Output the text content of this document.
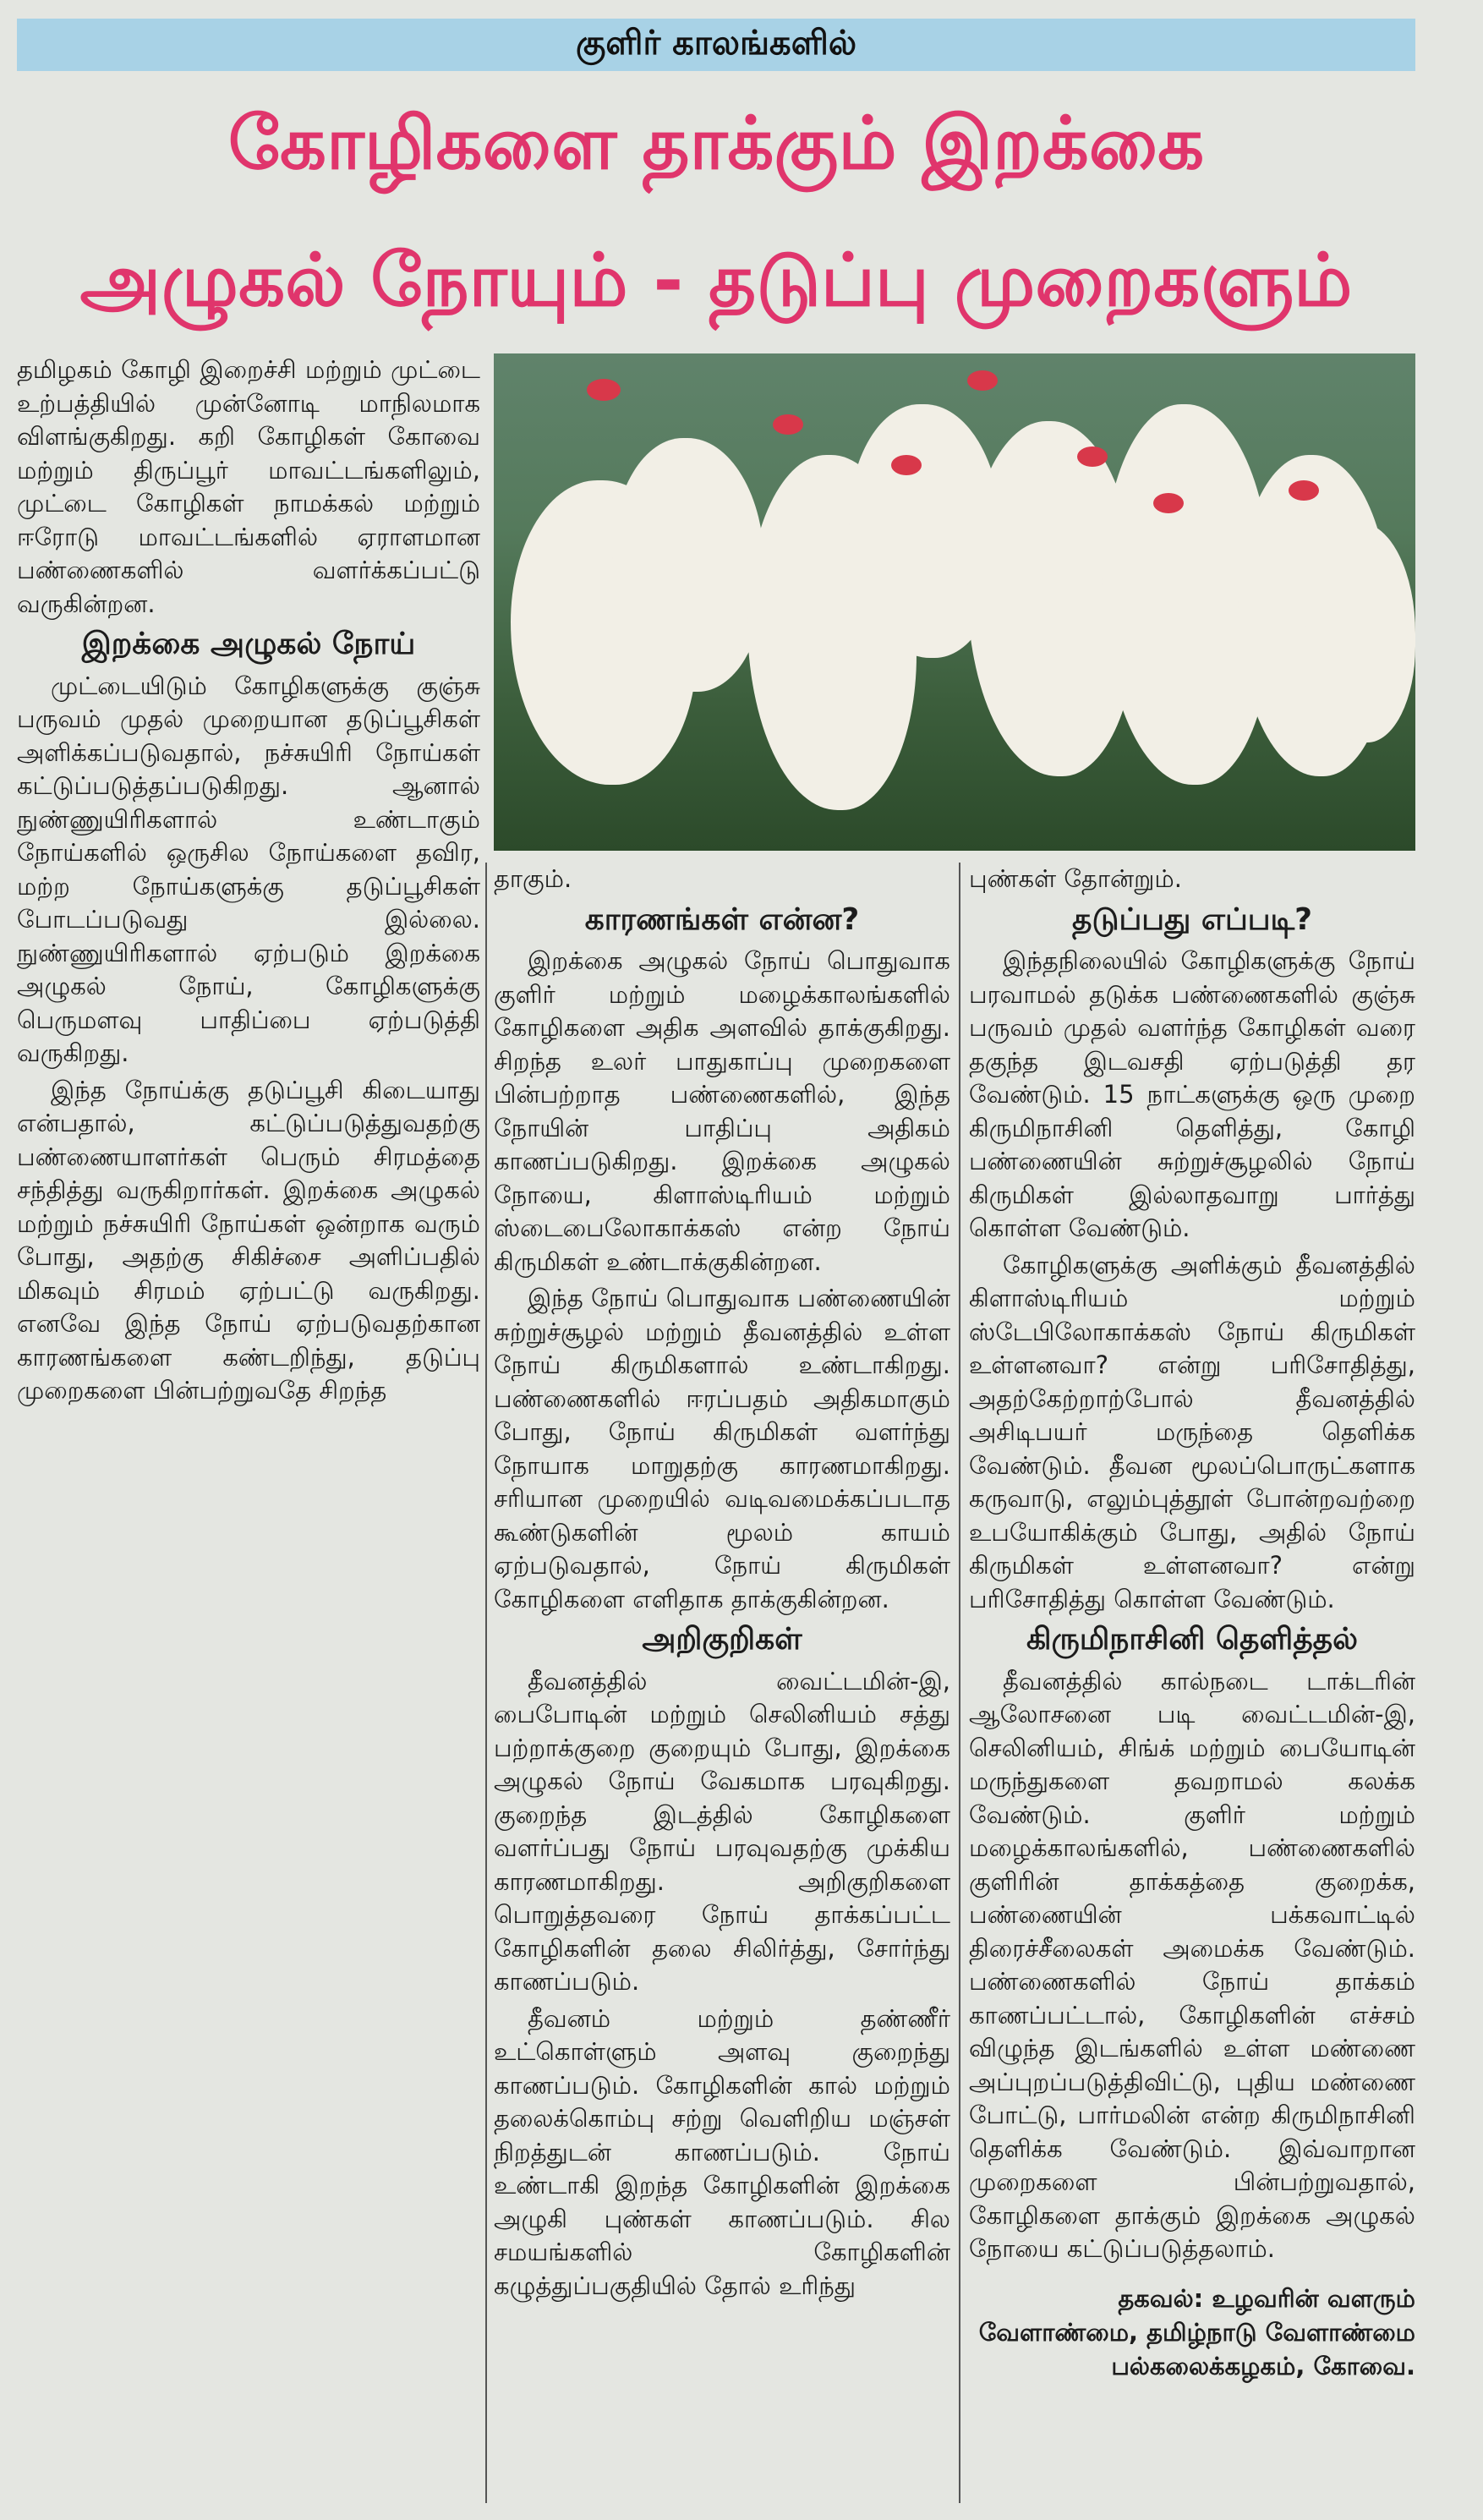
குளிர் காலங்களில்
கோழிகளை தாக்கும் இறக்கை
அழுகல் நோயும் - தடுப்பு முறைகளும்

தமிழகம் கோழி இறைச்சி மற்றும் முட்டை உற்பத்தியில் முன்னோடி மாநிலமாக விளங்குகிறது. கறி கோழிகள் கோவை மற்றும் திருப்பூர் மாவட்டங்களிலும், முட்டை கோழிகள் நாமக்கல் மற்றும் ஈரோடு மாவட்டங்களில் ஏராளமான பண்ணைகளில் வளர்க்கப்பட்டு வருகின்றன.

இறக்கை அழுகல் நோய்

முட்டையிடும் கோழிகளுக்கு குஞ்சு பருவம் முதல் முறையான தடுப்பூசிகள் அளிக்கப்படுவதால், நச்சுயிரி நோய்கள் கட்டுப்படுத்தப்படுகிறது. ஆனால் நுண்ணுயிரிகளால் உண்டாகும் நோய்களில் ஒருசில நோய்களை தவிர, மற்ற நோய்களுக்கு தடுப்பூசிகள் போடப்படுவது இல்லை. நுண்ணுயிரிகளால் ஏற்படும் இறக்கை அழுகல் நோய், கோழிகளுக்கு பெருமளவு பாதிப்பை ஏற்படுத்தி வருகிறது.

இந்த நோய்க்கு தடுப்பூசி கிடையாது என்பதால், கட்டுப்படுத்துவதற்கு பண்ணையாளர்கள் பெரும் சிரமத்தை சந்தித்து வருகிறார்கள். இறக்கை அழுகல் மற்றும் நச்சுயிரி நோய்கள் ஒன்றாக வரும் போது, அதற்கு சிகிச்சை அளிப்பதில் மிகவும் சிரமம் ஏற்பட்டு வருகிறது. எனவே இந்த நோய் ஏற்படுவதற்கான காரணங்களை கண்டறிந்து, தடுப்பு முறைகளை பின்பற்றுவதே சிறந்த

தாகும்.

காரணங்கள் என்ன?

இறக்கை அழுகல் நோய் பொதுவாக குளிர் மற்றும் மழைக்காலங்களில் கோழிகளை அதிக அளவில் தாக்குகிறது. சிறந்த உலர் பாதுகாப்பு முறைகளை பின்பற்றாத பண்ணைகளில், இந்த நோயின் பாதிப்பு அதிகம் காணப்படுகிறது. இறக்கை அழுகல் நோயை, கிளாஸ்டிரியம் மற்றும் ஸ்டைபைலோகாக்கஸ் என்ற நோய் கிருமிகள் உண்டாக்குகின்றன.

இந்த நோய் பொதுவாக பண்ணையின் சுற்றுச்சூழல் மற்றும் தீவனத்தில் உள்ள நோய் கிருமிகளால் உண்டாகிறது. பண்ணைகளில் ஈரப்பதம் அதிகமாகும் போது, நோய் கிருமிகள் வளர்ந்து நோயாக மாறுதற்கு காரணமாகிறது. சரியான முறையில் வடிவமைக்கப்படாத கூண்டுகளின் மூலம் காயம் ஏற்படுவதால், நோய் கிருமிகள் கோழிகளை எளிதாக தாக்குகின்றன.

அறிகுறிகள்

தீவனத்தில் வைட்டமின்-இ, பைபோடின் மற்றும் செலினியம் சத்து பற்றாக்குறை குறையும் போது, இறக்கை அழுகல் நோய் வேகமாக பரவுகிறது. குறைந்த இடத்தில் கோழிகளை வளர்ப்பது நோய் பரவுவதற்கு முக்கிய காரணமாகிறது. அறிகுறிகளை பொறுத்தவரை நோய் தாக்கப்பட்ட கோழிகளின் தலை சிலிர்த்து, சோர்ந்து காணப்படும்.

தீவனம் மற்றும் தண்ணீர் உட்கொள்ளும் அளவு குறைந்து காணப்படும். கோழிகளின் கால் மற்றும் தலைக்கொம்பு சற்று வெளிறிய மஞ்சள் நிறத்துடன் காணப்படும். நோய் உண்டாகி இறந்த கோழிகளின் இறக்கை அழுகி புண்கள் காணப்படும். சில சமயங்களில் கோழிகளின் கழுத்துப்பகுதியில் தோல் உரிந்து

புண்கள் தோன்றும்.

தடுப்பது எப்படி?

இந்தநிலையில் கோழிகளுக்கு நோய் பரவாமல் தடுக்க பண்ணைகளில் குஞ்சு பருவம் முதல் வளர்ந்த கோழிகள் வரை தகுந்த இடவசதி ஏற்படுத்தி தர வேண்டும். 15 நாட்களுக்கு ஒரு முறை கிருமிநாசினி தெளித்து, கோழி பண்ணையின் சுற்றுச்சூழலில் நோய் கிருமிகள் இல்லாதவாறு பார்த்து கொள்ள வேண்டும்.

கோழிகளுக்கு அளிக்கும் தீவனத்தில் கிளாஸ்டிரியம் மற்றும் ஸ்டேபிலோகாக்கஸ் நோய் கிருமிகள் உள்ளனவா? என்று பரிசோதித்து, அதற்கேற்றாற்போல் தீவனத்தில் அசிடிபயர் மருந்தை தெளிக்க வேண்டும். தீவன மூலப்பொருட்களாக கருவாடு, எலும்புத்தூள் போன்றவற்றை உபயோகிக்கும் போது, அதில் நோய் கிருமிகள் உள்ளனவா? என்று பரிசோதித்து கொள்ள வேண்டும்.

கிருமிநாசினி தெளித்தல்

தீவனத்தில் கால்நடை டாக்டரின் ஆலோசனை படி வைட்டமின்-இ, செலினியம், சிங்க் மற்றும் பையோடின் மருந்துகளை தவறாமல் கலக்க வேண்டும். குளிர் மற்றும் மழைக்காலங்களில், பண்ணைகளில் குளிரின் தாக்கத்தை குறைக்க, பண்ணையின் பக்கவாட்டில் திரைச்சீலைகள் அமைக்க வேண்டும். பண்ணைகளில் நோய் தாக்கம் காணப்பட்டால், கோழிகளின் எச்சம் விழுந்த இடங்களில் உள்ள மண்ணை அப்புறப்படுத்திவிட்டு, புதிய மண்ணை போட்டு, பார்மலின் என்ற கிருமிநாசினி தெளிக்க வேண்டும். இவ்வாறான முறைகளை பின்பற்றுவதால், கோழிகளை தாக்கும் இறக்கை அழுகல் நோயை கட்டுப்படுத்தலாம்.

தகவல்: உழவரின் வளரும் வேளாண்மை, தமிழ்நாடு வேளாண்மை பல்கலைக்கழகம், கோவை.
